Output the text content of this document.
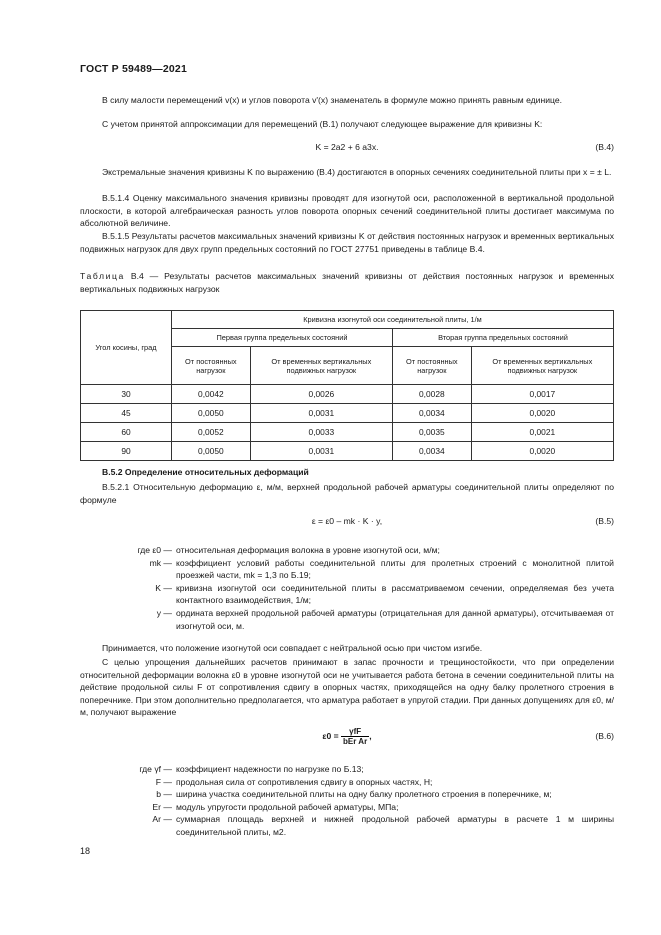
ГОСТ Р 59489—2021
В силу малости перемещений v(x) и углов поворота v'(x) знаменатель в формуле можно принять равным единице.
С учетом принятой аппроксимации для перемещений (В.1) получают следующее выражение для кривизны K:
K = 2a2 + 6 a3x.	(В.4)
Экстремальные значения кривизны K по выражению (В.4) достигаются в опорных сечениях соединительной плиты при x = ± L.
В.5.1.4 Оценку максимального значения кривизны проводят для изогнутой оси, расположенной в вертикальной продольной плоскости, в которой алгебраическая разность углов поворота опорных сечений соединительной плиты достигает максимума по абсолютной величине.
В.5.1.5 Результаты расчетов максимальных значений кривизны K от действия постоянных нагрузок и временных вертикальных подвижных нагрузок для двух групп предельных состояний по ГОСТ 27751 приведены в таблице В.4.
Таблица В.4 — Результаты расчетов максимальных значений кривизны от действия постоянных нагрузок и временных вертикальных подвижных нагрузок
Угол косины, град	Кривизна изогнутой оси соединительной плиты, 1/м			
	Первая группа предельных состояний		Вторая группа предельных состояний	
	От постоянных нагрузок	От временных вертикальных подвижных нагрузок	От постоянных нагрузок	От временных вертикальных подвижных нагрузок
30	0,0042	0,0026	0,0028	0,0017
45	0,0050	0,0031	0,0034	0,0020
60	0,0052	0,0033	0,0035	0,0021
90	0,0050	0,0031	0,0034	0,0020
В.5.2 Определение относительных деформаций
В.5.2.1 Относительную деформацию ε, м/м, верхней продольной рабочей арматуры соединительной плиты определяют по формуле
ε = ε0 – mk · K · y,	(В.5)
где ε0 — относительная деформация волокна в уровне изогнутой оси, м/м;
mk — коэффициент условий работы соединительной плиты для пролетных строений с монолитной плитой проезжей части, mk = 1,3 по Б.19;
K — кривизна изогнутой оси соединительной плиты в рассматриваемом сечении, определяемая без учета контактного взаимодействия, 1/м;
y — ордината верхней продольной рабочей арматуры (отрицательная для данной арматуры), отсчитываемая от изогнутой оси, м.
Принимается, что положение изогнутой оси совпадает с нейтральной осью при чистом изгибе.
С целью упрощения дальнейших расчетов принимают в запас прочности и трещиностойкости, что при определении относительной деформации волокна ε0 в уровне изогнутой оси не учитывается работа бетона в сечении соединительной плиты на действие продольной силы F от сопротивления сдвигу в опорных частях, приходящейся на одну балку пролетного строения в поперечнике. При этом дополнительно предполагается, что арматура работает в упругой стадии. При данных допущениях для ε0, м/м, получают выражение
$\varepsilon 0 = \frac{\text{γfF}}{\text{bEr Ar}}$ ,	(В.6)
где γf — коэффициент надежности по нагрузке по Б.13;
F — продольная сила от сопротивления сдвигу в опорных частях, Н;
b — ширина участка соединительной плиты на одну балку пролетного строения в поперечнике, м;
Er — модуль упругости продольной рабочей арматуры, МПа;
Ar — суммарная площадь верхней и нижней продольной рабочей арматуры в расчете 1 м ширины соединительной плиты, м2.
18
